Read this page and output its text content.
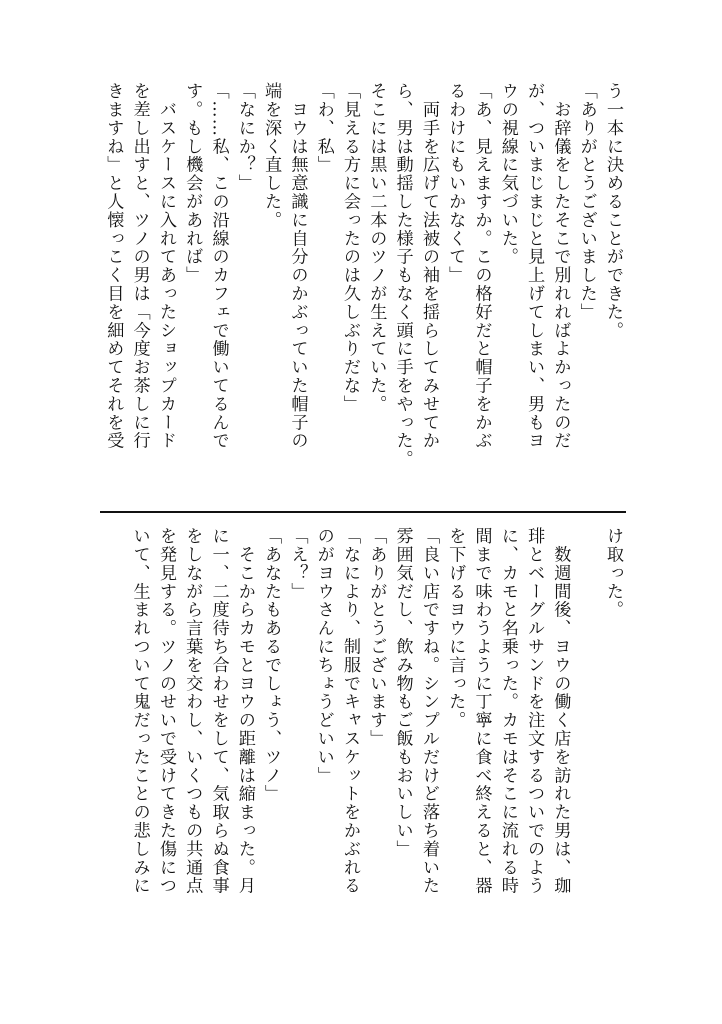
う一本に決めることができた。
「ありがとうございました」
　お辞儀をしたそこで別れればよかったのだ
が、ついまじまじと見上げてしまい、男もヨ
ウの視線に気づいた。
「あ、見えますか。この格好だと帽子をかぶ
るわけにもいかなくて」
　両手を広げて法被の袖を揺らしてみせてか
ら、男は動揺した様子もなく頭に手をやった。
そこには黒い二本のツノが生えていた。
「見える方に会ったのは久しぶりだな」
「わ、私」
　ヨウは無意識に自分のかぶっていた帽子の
端を深く直した。
「なにか？」
「……私、この沿線のカフェで働いてるんで
す。もし機会があれば」
　バスケースに入れてあったショップカード
を差し出すと、ツノの男は「今度お茶しに行
きますね」と人懐っこく目を細めてそれを受
け取った。
　数週間後、ヨウの働く店を訪れた男は、珈
琲とベーグルサンドを注文するついでのよう
に、カモと名乗った。カモはそこに流れる時
間まで味わうように丁寧に食べ終えると、器
を下げるヨウに言った。
「良い店ですね。シンプルだけど落ち着いた
雰囲気だし、飲み物もご飯もおいしい」
「ありがとうございます」
「なにより、制服でキャスケットをかぶれる
のがヨウさんにちょうどいい」
「え？」
「あなたもあるでしょう、ツノ」
　そこからカモとヨウの距離は縮まった。月
に一、二度待ち合わせをして、気取らぬ食事
をしながら言葉を交わし、いくつもの共通点
を発見する。ツノのせいで受けてきた傷につ
いて、生まれついて鬼だったことの悲しみに
